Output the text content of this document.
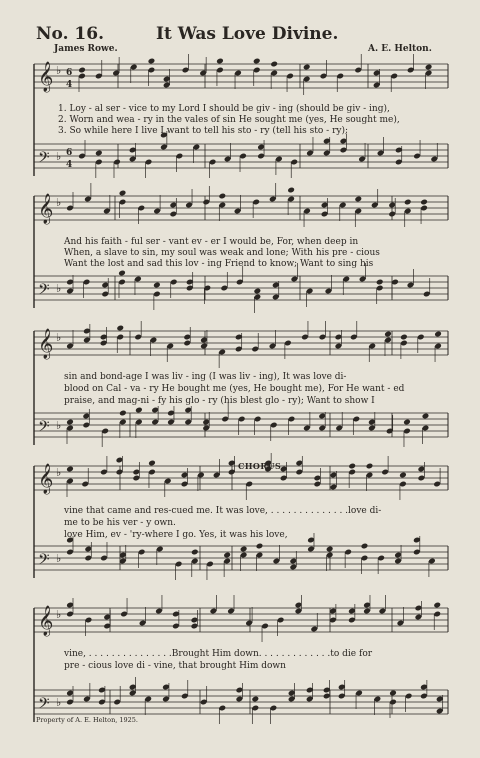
No. 16.	It Was Love Divine.
James Rowe.	A. E. Helton.
𝄞 ♭ 6
4
𝄢 ♭ 6
4
𝄞 ♭
𝄢 ♭
𝄞 ♭
𝄢 ♭
𝄞 ♭
𝄢 ♭
𝄞 ♭
𝄢 ♭
1. Loy - al ser - vice to my Lord I should be giv - ing (should be giv - ing),
2. Worn and wea - ry in the vales of sin He sought me (yes, He sought me),
3. So while here I live I want to tell his sto - ry (tell his sto - ry);
And his faith - ful ser - vant ev - er I would be, For, when deep in
When, a slave to sin, my soul was weak and lone; With his pre - cious
Want the lost and sad this lov - ing Friend to know; Want to sing his
sin and bond-age I was liv - ing (I was liv - ing), It was love di-
blood on Cal - va - ry He bought me (yes, He bought me), For He want - ed
praise, and mag-ni - fy his glo - ry (his blest glo - ry); Want to show I
CHORUS.
vine that came and res-cued me. It was love, . . . . . . . . . . . . . .love di-
me to be his ver - y own.
love Him, ev - 'ry-where I go. Yes, it was his love,
vine, . . . . . . . . . . . . . . .Brought Him down. . . . . . . . . . . . .to die for
pre - cious love di - vine, that brought Him down
Property of A. E. Helton, 1925.
